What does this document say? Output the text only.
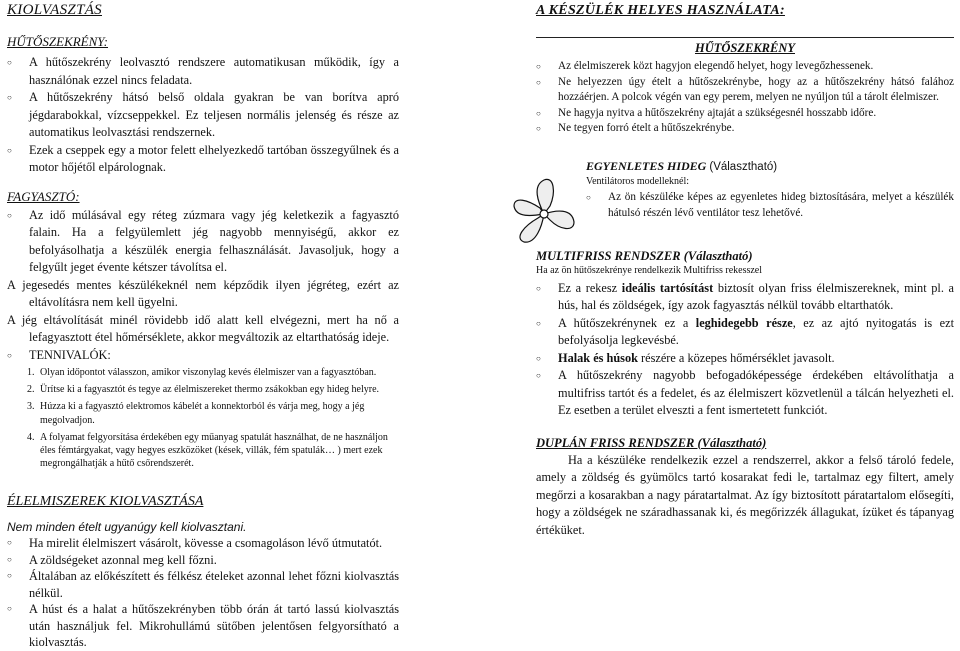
KIOLVASZTÁS
HŰTŐSZEKRÉNY:
○ A hűtőszekrény leolvasztó rendszere automatikusan működik, így a használónak ezzel nincs feladata.
○ A hűtőszekrény hátsó belső oldala gyakran be van borítva apró jégdarabokkal, vízcseppekkel. Ez teljesen normális jelenség és része az automatikus leolvasztási rendszernek.
○ Ezek a cseppek egy a motor felett elhelyezkedő tartóban összegyűlnek és a motor hőjétől elpárolognak.
FAGYASZTÓ:
○ Az idő múlásával egy réteg zúzmara vagy jég keletkezik a fagyasztó falain. Ha a felgyülemlett jég nagyobb mennyiségű, akkor ez befolyásolhatja a készülék energia felhasználását. Javasoljuk, hogy a felgyűlt jeget évente kétszer távolítsa el.

A jegesedés mentes készülékeknél nem képződik ilyen jégréteg, ezért az eltávolításra nem kell ügyelni.

A jég eltávolítását minél rövidebb idő alatt kell elvégezni, mert ha nő a lefagyasztott étel hőmérséklete, akkor megváltozik az eltarthatóság ideje.

○ TENNIVALÓK:
1. Olyan időpontot válasszon, amikor viszonylag kevés élelmiszer van a fagyasztóban.
2. Ürítse ki a fagyasztót és tegye az élelmiszereket thermo zsákokban egy hideg helyre.
3. Húzza ki a fagyasztó elektromos kábelét a konnektorból és várja meg, hogy a jég megolvadjon.
4. A folyamat felgyorsítása érdekében egy műanyag spatulát használhat, de ne használjon éles fémtárgyakat, vagy hegyes eszközöket (kések, villák, fém spatulák… ) mert ezek megrongálhatják a hűtő csőrendszerét.
ÉLELMISZEREK KIOLVASZTÁSA

Nem minden ételt ugyanúgy kell kiolvasztani.

○ Ha mirelit élelmiszert vásárolt, kövesse a csomagoláson lévő útmutatót.
○ A zöldségeket azonnal meg kell főzni.
○ Általában az előkészített és félkész ételeket azonnal lehet főzni kiolvasztás nélkül.
○ A húst és a halat a hűtőszekrényben több órán át tartó lassú kiolvasztás után használjuk fel. Mikrohullámú sütőben jelentősen felgyorsítható a kiolvasztás.
A KÉSZÜLÉK HELYES HASZNÁLATA:
HŰTŐSZEKRÉNY
○ Az élelmiszerek közt hagyjon elegendő helyet, hogy levegőzhessenek.
○ Ne helyezzen úgy ételt a hűtőszekrénybe, hogy az a hűtőszekrény hátsó falához hozzáérjen. A polcok végén van egy perem, melyen ne nyúljon túl a tárolt élelmiszer.
○ Ne hagyja nyitva a hűtőszekrény ajtaját a szükségesnél hosszabb időre.
○ Ne tegyen forró ételt a hűtőszekrénybe.
EGYENLETES HIDEG (Választható)

Ventilátoros modelleknél:

○ Az ön készüléke képes az egyenletes hideg biztosítására, melyet a készülék hátulsó részén lévő ventilátor tesz lehetővé.
MULTIFRISS RENDSZER (Választható)

Ha az ön hűtőszekrénye rendelkezik Multifriss rekesszel

○ Ez a rekesz ideális tartósítást biztosít olyan friss élelmiszereknek, mint pl. a hús, hal és zöldségek, így azok fagyasztás nélkül tovább eltarthatók.
○ A hűtőszekrénynek ez a leghidegebb része, ez az ajtó nyitogatás is ezt befolyásolja legkevésbé.
○ Halak és húsok részére a közepes hőmérséklet javasolt.
○ A hűtőszekrény nagyobb befogadóképessége érdekében eltávolíthatja a multifriss tartót és a fedelet, és az élelmiszert közvetlenül a tálcán helyezheti el. Ez esetben a terület elveszti a fent ismertetett funkciót.
DUPLÁN FRISS RENDSZER (Választható)

Ha a készüléke rendelkezik ezzel a rendszerrel, akkor a felső tároló fedele, amely a zöldség és gyümölcs tartó kosarakat fedi le, tartalmaz egy filtert, amely megőrzi a kosarakban a nagy páratartalmat. Az így biztosított páratartalom elősegíti, hogy a zöldségek ne száradhassanak ki, és megőrizzék állagukat, ízüket és tápanyag értéküket.
